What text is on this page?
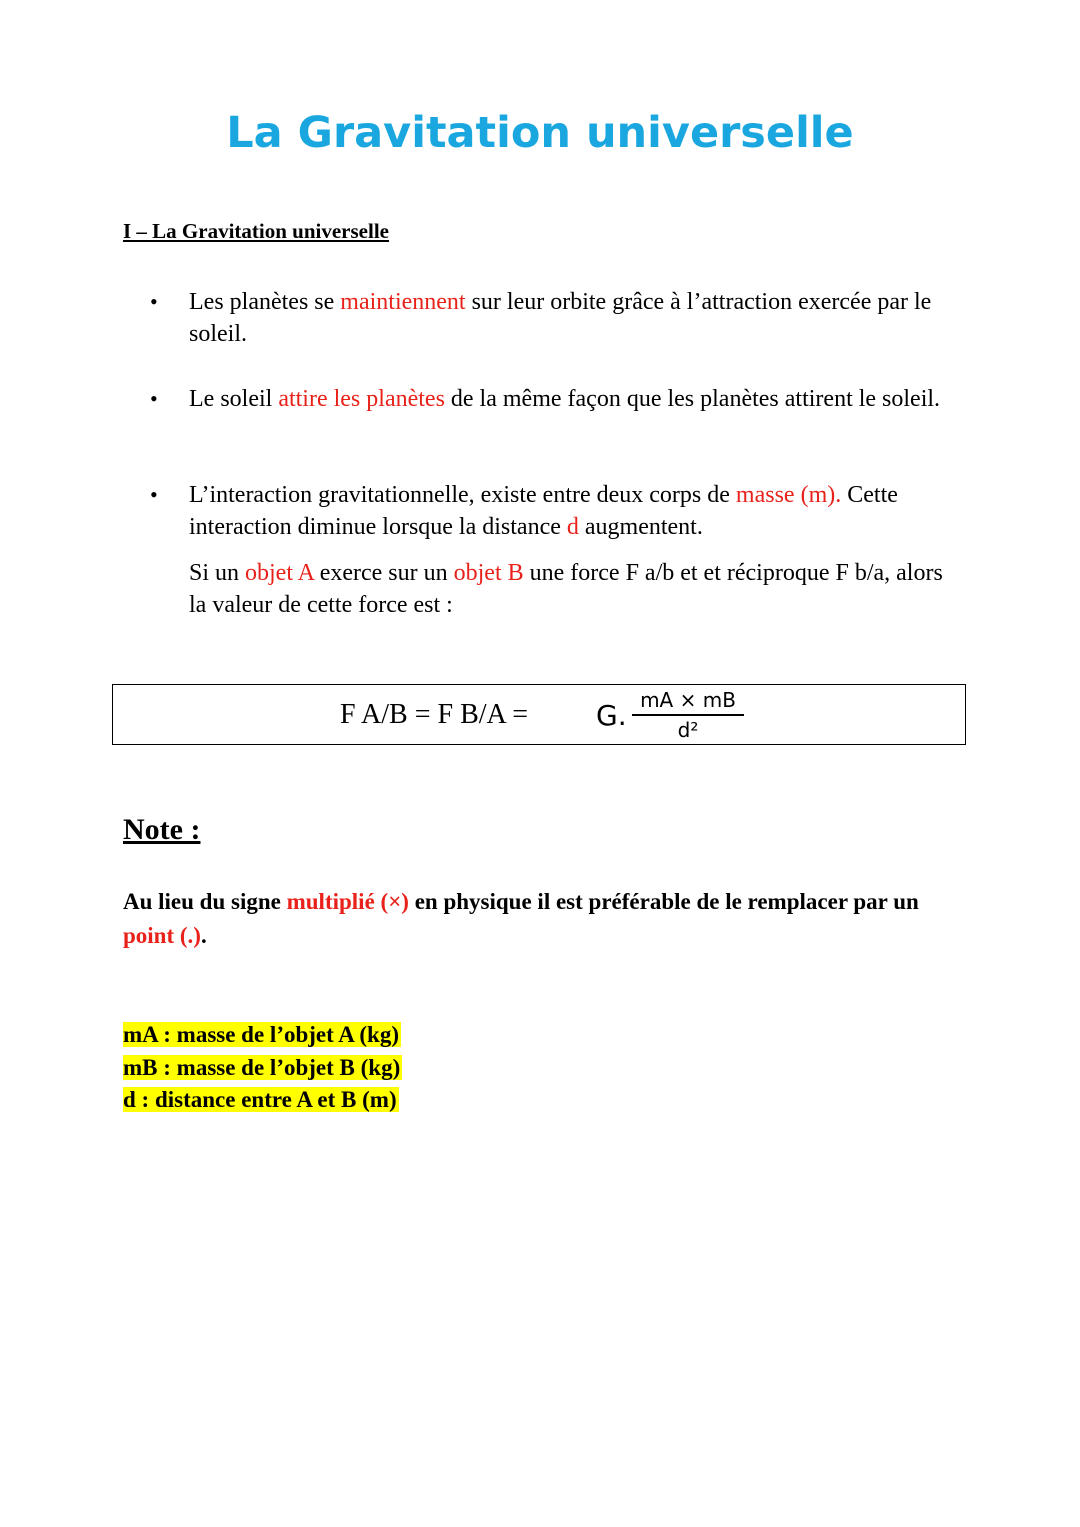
La Gravitation universelle
I – La Gravitation universelle
•	Les planètes se maintiennent sur leur orbite grâce à l’attraction exercée par le soleil.
•	Le soleil attire les planètes de la même façon que les planètes attirent le soleil.
•	L’interaction gravitationnelle, existe entre deux corps de masse (m). Cette interaction diminue lorsque la distance d augmentent.
Si un objet A exerce sur un objet B une force F a/b et et réciproque F b/a, alors la valeur de cette force est :
F A/B = F B/A = G. mA × mB
d²
Note :
Au lieu du signe multiplié (×) en physique il est préférable de le remplacer par un point (.).
mA : masse de l’objet A (kg)
mB : masse de l’objet B (kg)
d : distance entre A et B (m)
